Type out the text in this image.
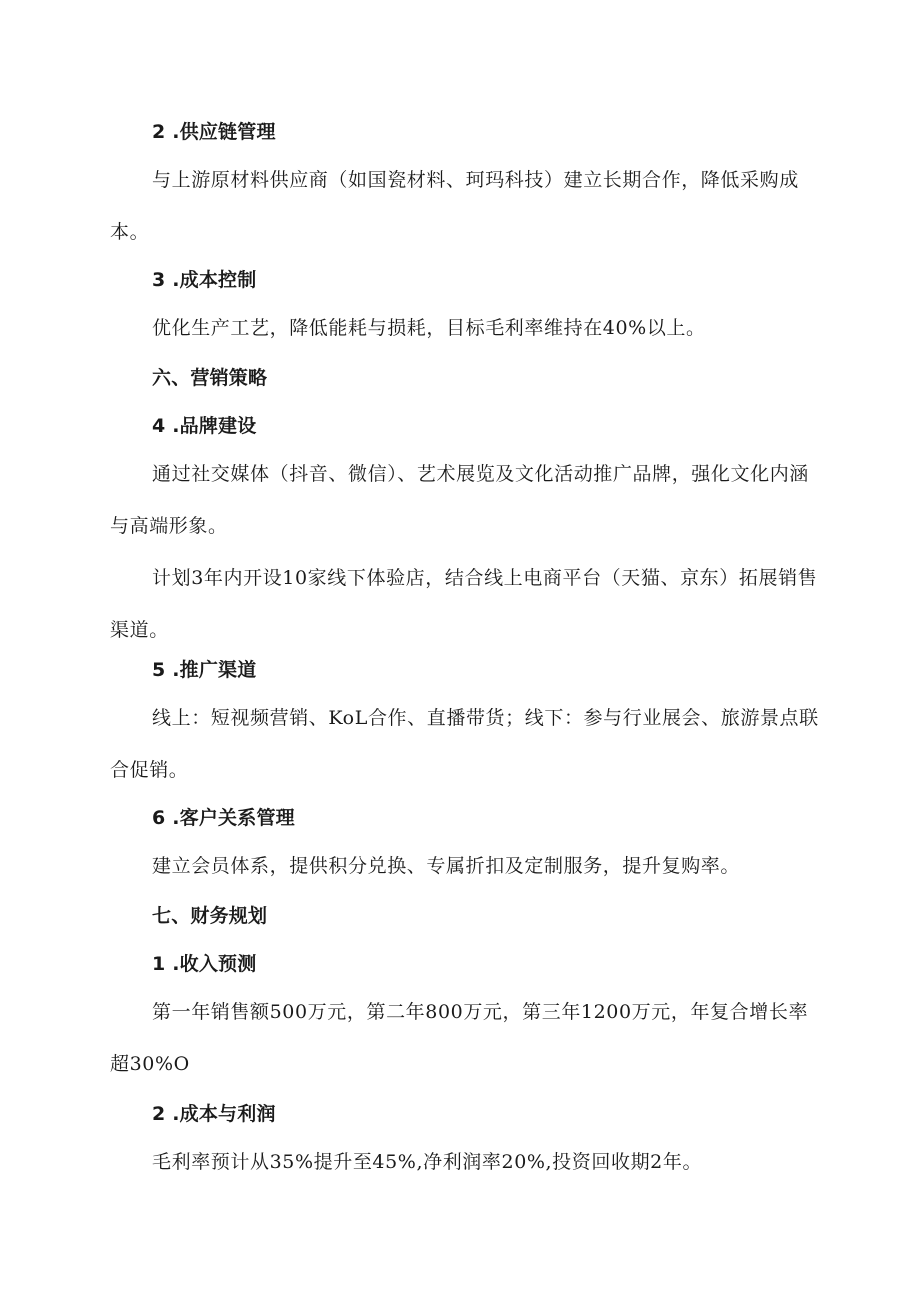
2 .供应链管理
与上游原材料供应商（如国瓷材料、珂玛科技）建立长期合作，降低采购成本。
3 .成本控制
优化生产工艺，降低能耗与损耗，目标毛利率维持在40%以上。
六、营销策略
4 .品牌建设
通过社交媒体（抖音、微信）、艺术展览及文化活动推广品牌，强化文化内涵与高端形象。
计划3年内开设10家线下体验店，结合线上电商平台（天猫、京东）拓展销售渠道。
5 .推广渠道
线上：短视频营销、KoL合作、直播带货；线下：参与行业展会、旅游景点联合促销。
6 .客户关系管理
建立会员体系，提供积分兑换、专属折扣及定制服务，提升复购率。
七、财务规划
1 .收入预测
第一年销售额500万元，第二年800万元，第三年1200万元，年复合增长率超30%O
2 .成本与利润
毛利率预计从35%提升至45%,净利润率20%,投资回收期2年。
